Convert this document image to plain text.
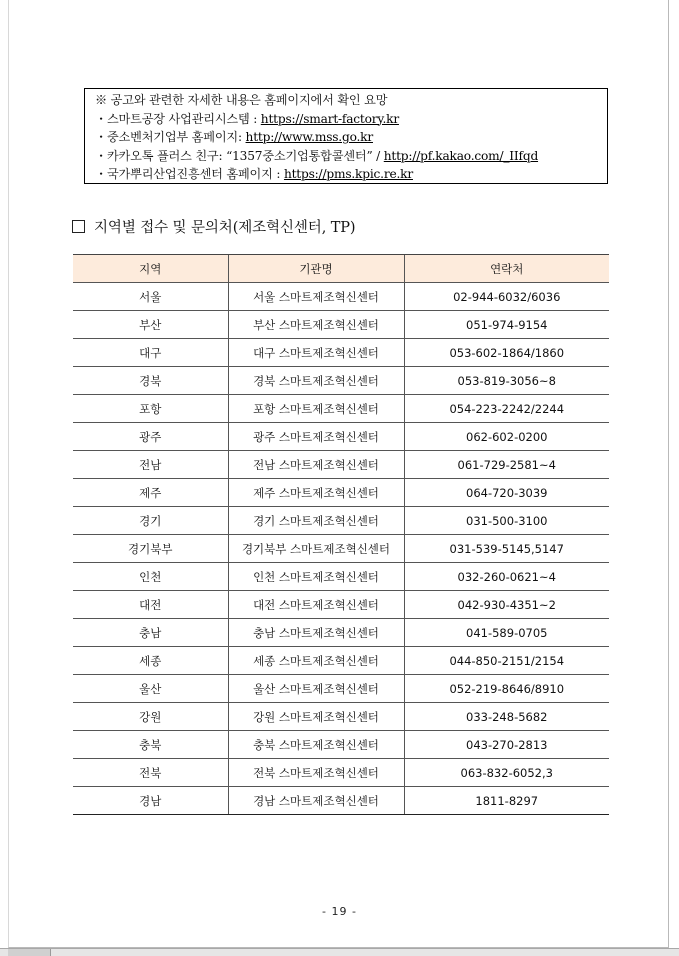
※ 공고와 관련한 자세한 내용은 홈페이지에서 확인 요망
・스마트공장 사업관리시스템 : https://smart-factory.kr
・중소벤처기업부 홈페이지: http://www.mss.go.kr
・카카오톡 플러스 친구: “1357중소기업통합콜센터” / http://pf.kakao.com/_IIfqd
・국가뿌리산업진흥센터 홈페이지 : https://pms.kpic.re.kr
지역별 접수 및 문의처(제조혁신센터, TP)
지역	기관명	연락처
서울	서울 스마트제조혁신센터	02-944-6032/6036
부산	부산 스마트제조혁신센터	051-974-9154
대구	대구 스마트제조혁신센터	053-602-1864/1860
경북	경북 스마트제조혁신센터	053-819-3056~8
포항	포항 스마트제조혁신센터	054-223-2242/2244
광주	광주 스마트제조혁신센터	062-602-0200
전남	전남 스마트제조혁신센터	061-729-2581~4
제주	제주 스마트제조혁신센터	064-720-3039
경기	경기 스마트제조혁신센터	031-500-3100
경기북부	경기북부 스마트제조혁신센터	031-539-5145,5147
인천	인천 스마트제조혁신센터	032-260-0621~4
대전	대전 스마트제조혁신센터	042-930-4351~2
충남	충남 스마트제조혁신센터	041-589-0705
세종	세종 스마트제조혁신센터	044-850-2151/2154
울산	울산 스마트제조혁신센터	052-219-8646/8910
강원	강원 스마트제조혁신센터	033-248-5682
충북	충북 스마트제조혁신센터	043-270-2813
전북	전북 스마트제조혁신센터	063-832-6052,3
경남	경남 스마트제조혁신센터	1811-8297
- 19 -
